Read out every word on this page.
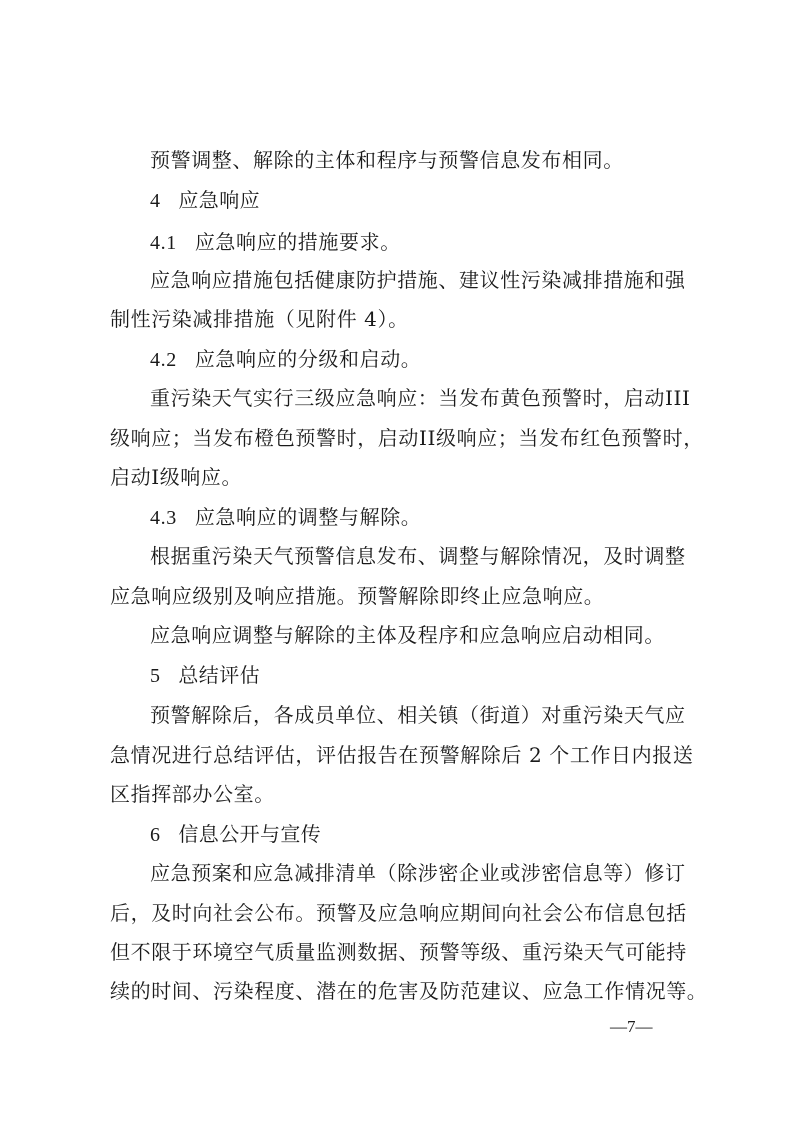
预警调整、解除的主体和程序与预警信息发布相同。
4 应急响应
4.1 应急响应的措施要求。
应急响应措施包括健康防护措施、建议性污染减排措施和强
制性污染减排措施（见附件 4）。
4.2 应急响应的分级和启动。
重污染天气实行三级应急响应：当发布黄色预警时，启动III
级响应；当发布橙色预警时，启动II级响应；当发布红色预警时，
启动I级响应。
4.3 应急响应的调整与解除。
根据重污染天气预警信息发布、调整与解除情况，及时调整
应急响应级别及响应措施。预警解除即终止应急响应。
应急响应调整与解除的主体及程序和应急响应启动相同。
5 总结评估
预警解除后，各成员单位、相关镇（街道）对重污染天气应
急情况进行总结评估，评估报告在预警解除后 2 个工作日内报送
区指挥部办公室。
6 信息公开与宣传
应急预案和应急减排清单（除涉密企业或涉密信息等）修订
后，及时向社会公布。预警及应急响应期间向社会公布信息包括
但不限于环境空气质量监测数据、预警等级、重污染天气可能持
续的时间、污染程度、潜在的危害及防范建议、应急工作情况等。
—7—
